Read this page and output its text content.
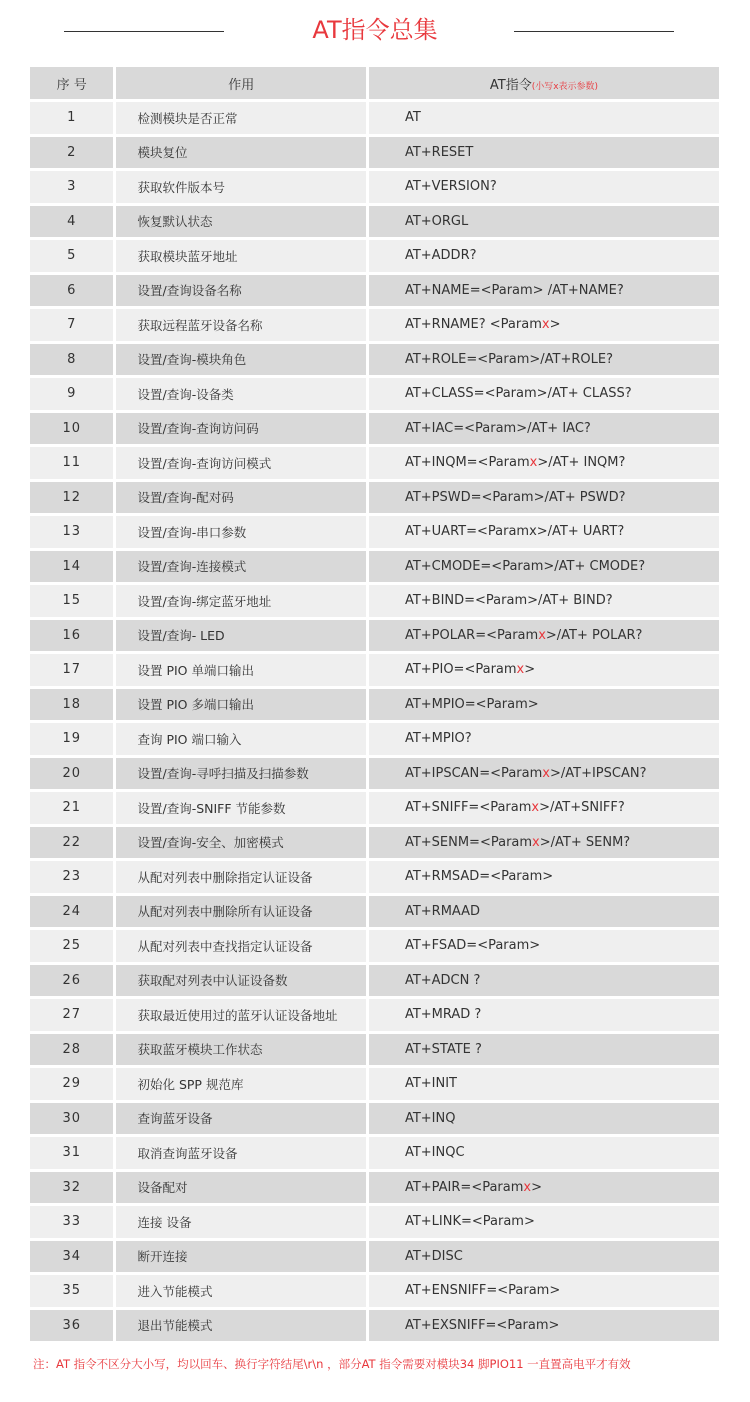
AT指令总集
序 号	作用	AT指令(小写x表示参数)
1	检测模块是否正常	AT
2	模块复位	AT+RESET
3	获取软件版本号	AT+VERSION?
4	恢复默认状态	AT+ORGL
5	获取模块蓝牙地址	AT+ADDR?
6	设置/查询设备名称	AT+NAME=<Param> /AT+NAME?
7	获取远程蓝牙设备名称	AT+RNAME? <Paramx>
8	设置/查询-模块角色	AT+ROLE=<Param>/AT+ROLE?
9	设置/查询-设备类	AT+CLASS=<Param>/AT+ CLASS?
10	设置/查询-查询访问码	AT+IAC=<Param>/AT+ IAC?
11	设置/查询-查询访问模式	AT+INQM=<Paramx>/AT+ INQM?
12	设置/查询-配对码	AT+PSWD=<Param>/AT+ PSWD?
13	设置/查询-串口参数	AT+UART=<Paramx>/AT+ UART?
14	设置/查询-连接模式	AT+CMODE=<Param>/AT+ CMODE?
15	设置/查询-绑定蓝牙地址	AT+BIND=<Param>/AT+ BIND?
16	设置/查询- LED	AT+POLAR=<Paramx>/AT+ POLAR?
17	设置 PIO 单端口输出	AT+PIO=<Paramx>
18	设置 PIO 多端口输出	AT+MPIO=<Param>
19	查询 PIO 端口输入	AT+MPIO?
20	设置/查询-寻呼扫描及扫描参数	AT+IPSCAN=<Paramx>/AT+IPSCAN?
21	设置/查询-SNIFF 节能参数	AT+SNIFF=<Paramx>/AT+SNIFF?
22	设置/查询-安全、加密模式	AT+SENM=<Paramx>/AT+ SENM?
23	从配对列表中删除指定认证设备	AT+RMSAD=<Param>
24	从配对列表中删除所有认证设备	AT+RMAAD
25	从配对列表中查找指定认证设备	AT+FSAD=<Param>
26	获取配对列表中认证设备数	AT+ADCN ?
27	获取最近使用过的蓝牙认证设备地址	AT+MRAD ?
28	获取蓝牙模块工作状态	AT+STATE ?
29	初始化 SPP 规范库	AT+INIT
30	查询蓝牙设备	AT+INQ
31	取消查询蓝牙设备	AT+INQC
32	设备配对	AT+PAIR=<Paramx>
33	连接 设备	AT+LINK=<Param>
34	断开连接	AT+DISC
35	进入节能模式	AT+ENSNIFF=<Param>
36	退出节能模式	AT+EXSNIFF=<Param>
注：AT 指令不区分大小写，均以回车、换行字符结尾\r\n ，部分AT 指令需要对模块34 脚PIO11 一直置高电平才有效
